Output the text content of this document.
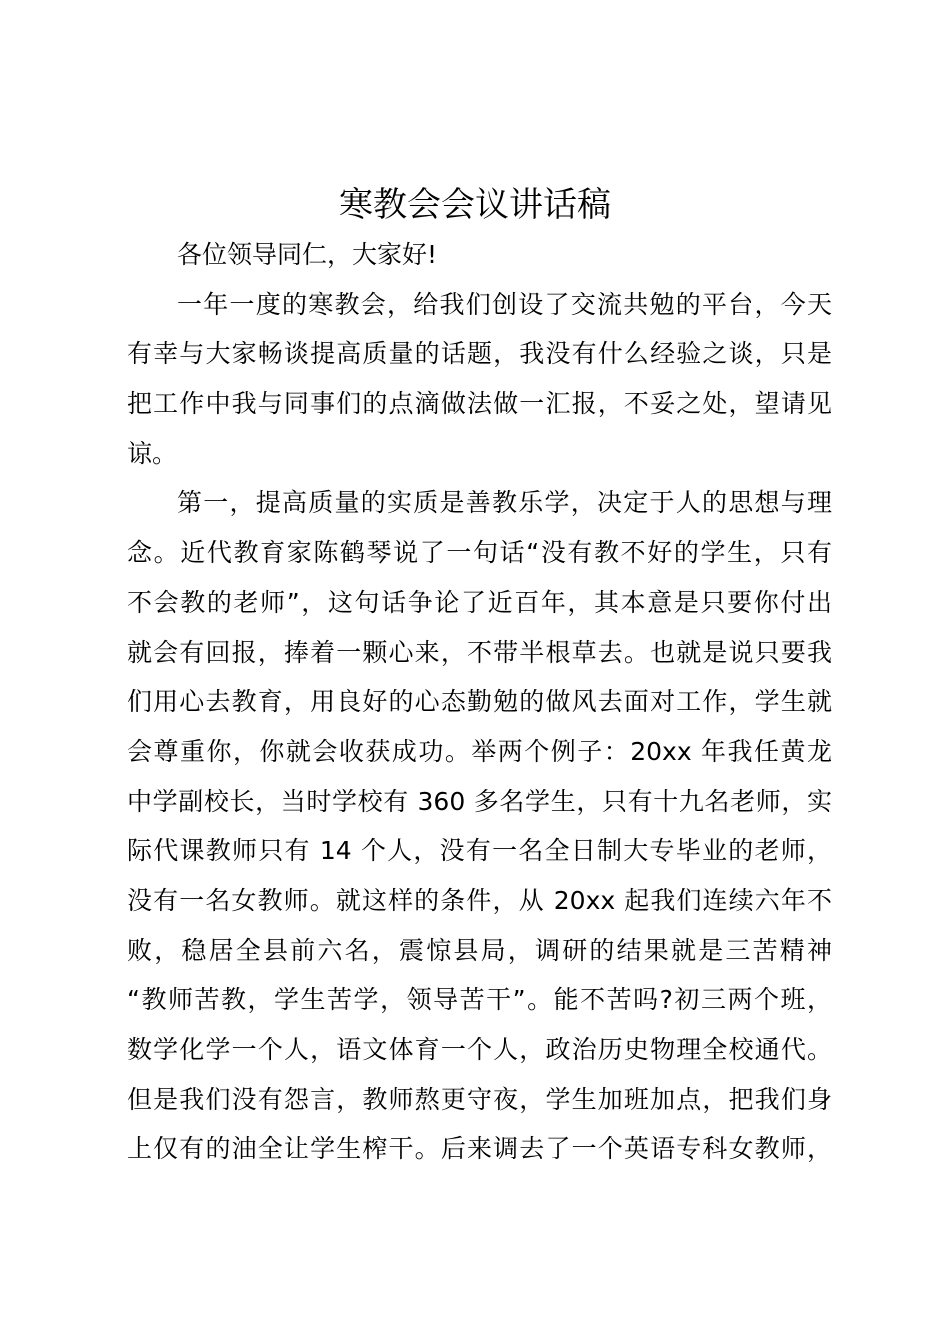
寒教会会议讲话稿
各位领导同仁，大家好!
一年一度的寒教会，给我们创设了交流共勉的平台，今天
有幸与大家畅谈提高质量的话题，我没有什么经验之谈，只是
把工作中我与同事们的点滴做法做一汇报，不妥之处，望请见
谅。
第一，提高质量的实质是善教乐学，决定于人的思想与理
念。近代教育家陈鹤琴说了一句话“没有教不好的学生，只有
不会教的老师”，这句话争论了近百年，其本意是只要你付出
就会有回报，捧着一颗心来，不带半根草去。也就是说只要我
们用心去教育，用良好的心态勤勉的做风去面对工作，学生就
会尊重你，你就会收获成功。举两个例子：20xx 年我任黄龙
中学副校长，当时学校有 360 多名学生，只有十九名老师，实
际代课教师只有 14 个人，没有一名全日制大专毕业的老师，
没有一名女教师。就这样的条件，从 20xx 起我们连续六年不
败，稳居全县前六名，震惊县局，调研的结果就是三苦精神
“教师苦教，学生苦学，领导苦干”。能不苦吗?初三两个班，
数学化学一个人，语文体育一个人，政治历史物理全校通代。
但是我们没有怨言，教师熬更守夜，学生加班加点，把我们身
上仅有的油全让学生榨干。后来调去了一个英语专科女教师，
